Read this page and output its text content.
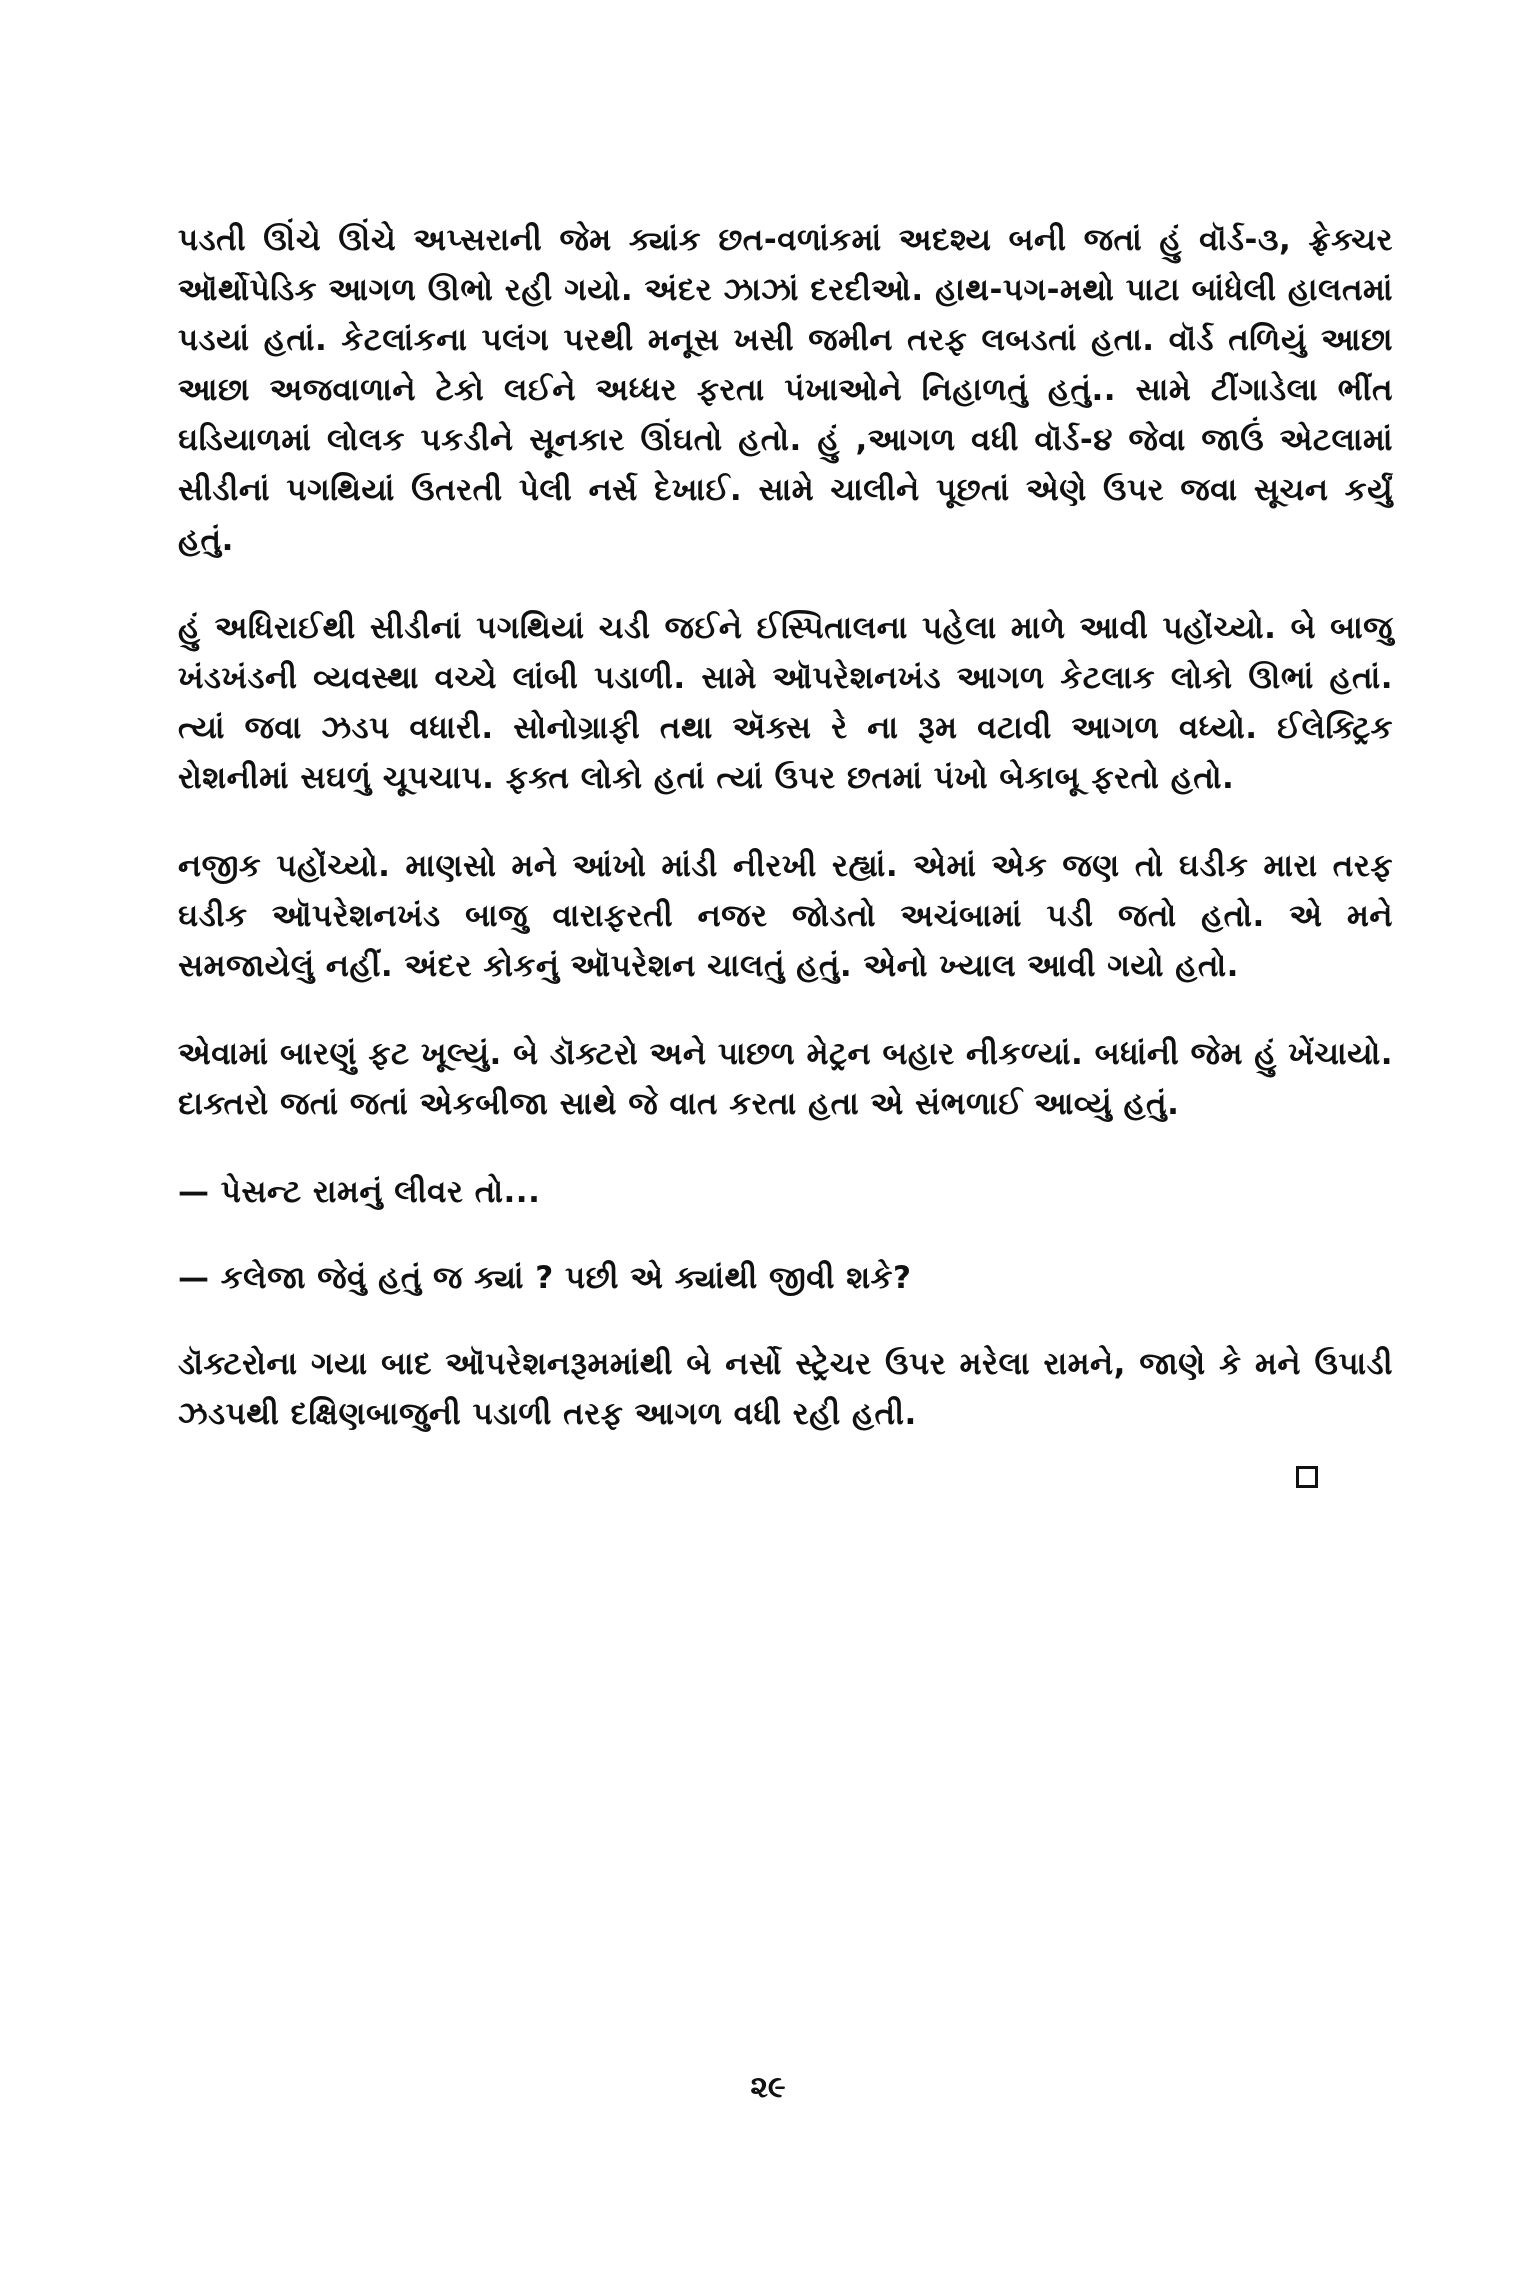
પડતી ઊંચે ઊંચે અપ્સરાની જેમ ક્યાંક છત-વળાંકમાં અદશ્ય બની જતાં હું વૉર્ડ-૩, ફ્રેક્ચર ઑર્થોપેડિક આગળ ઊભો રહી ગયો. અંદર ઝાઝાં દરદીઓ. હાથ-પગ-મથો પાટા બાંધેલી હાલતમાં પડયાં હતાં. કેટલાંકના પલંગ પરથી મનૂસ ખસી જમીન તરફ લબડતાં હતા. વૉર્ડ તળિયું આછા આછા અજવાળાને ટેકો લઈને અધ્ધર ફરતા પંખાઓને નિહાળતું હતું.. સામે ટીંગાડેલા ભીંત ઘડિયાળમાં લોલક પકડીને સૂનકાર ઊંઘતો હતો. હું ,આગળ વધી વૉર્ડ-૪ જેવા જાઉં એટલામાં સીડીનાં પગથિયાં ઉતરતી પેલી નર્સ દેખાઈ. સામે ચાલીને પૂછતાં એણે ઉપર જવા સૂચન કર્યું હતું.

હું અધિરાઈથી સીડીનાં પગથિયાં ચડી જઈને ઈસ્પિતાલના પહેલા માળે આવી પહોંચ્યો. બે બાજુ ખંડખંડની વ્યવસ્થા વચ્ચે લાંબી પડાળી. સામે ઑપરેશનખંડ આગળ કેટલાક લોકો ઊભાં હતાં. ત્યાં જવા ઝડપ વધારી. સોનોગ્રાફી તથા ઍક્સ રે ના રૂમ વટાવી આગળ વધ્યો. ઈલેક્ટ્રિક રોશનીમાં સઘળું ચૂપચાપ. ફક્ત લોકો હતાં ત્યાં ઉપર છતમાં પંખો બેકાબૂ ફરતો હતો.

નજીક પહોંચ્યો. માણસો મને આંખો માંડી નીરખી રહ્યાં. એમાં એક જણ તો ઘડીક મારા તરફ ઘડીક ઑપરેશનખંડ બાજુ વારાફરતી નજર જોડતો અચંબામાં પડી જતો હતો. એ મને સમજાયેલું નહીં. અંદર કોકનું ઑપરેશન ચાલતું હતું. એનો ખ્યાલ આવી ગયો હતો.

એવામાં બારણું ફટ ખૂલ્યું. બે ડૉક્ટરો અને પાછળ મેટ્રન બહાર નીકળ્યાં. બધાંની જેમ હું ખેંચાયો. દાક્તરો જતાં જતાં એકબીજા સાથે જે વાત કરતા હતા એ સંભળાઈ આવ્યું હતું.

— પેસન્ટ રામનું લીવર તો...

— કલેજા જેવું હતું જ ક્યાં ? પછી એ ક્યાંથી જીવી શકે?

ડૉક્ટરોના ગયા બાદ ઑપરેશનરૂમમાંથી બે નર્સો સ્ટ્રેચર ઉપર મરેલા રામને, જાણે કે મને ઉપાડી ઝડપથી દક્ષિણબાજુની પડાળી તરફ આગળ વધી રહી હતી.

૨૯
